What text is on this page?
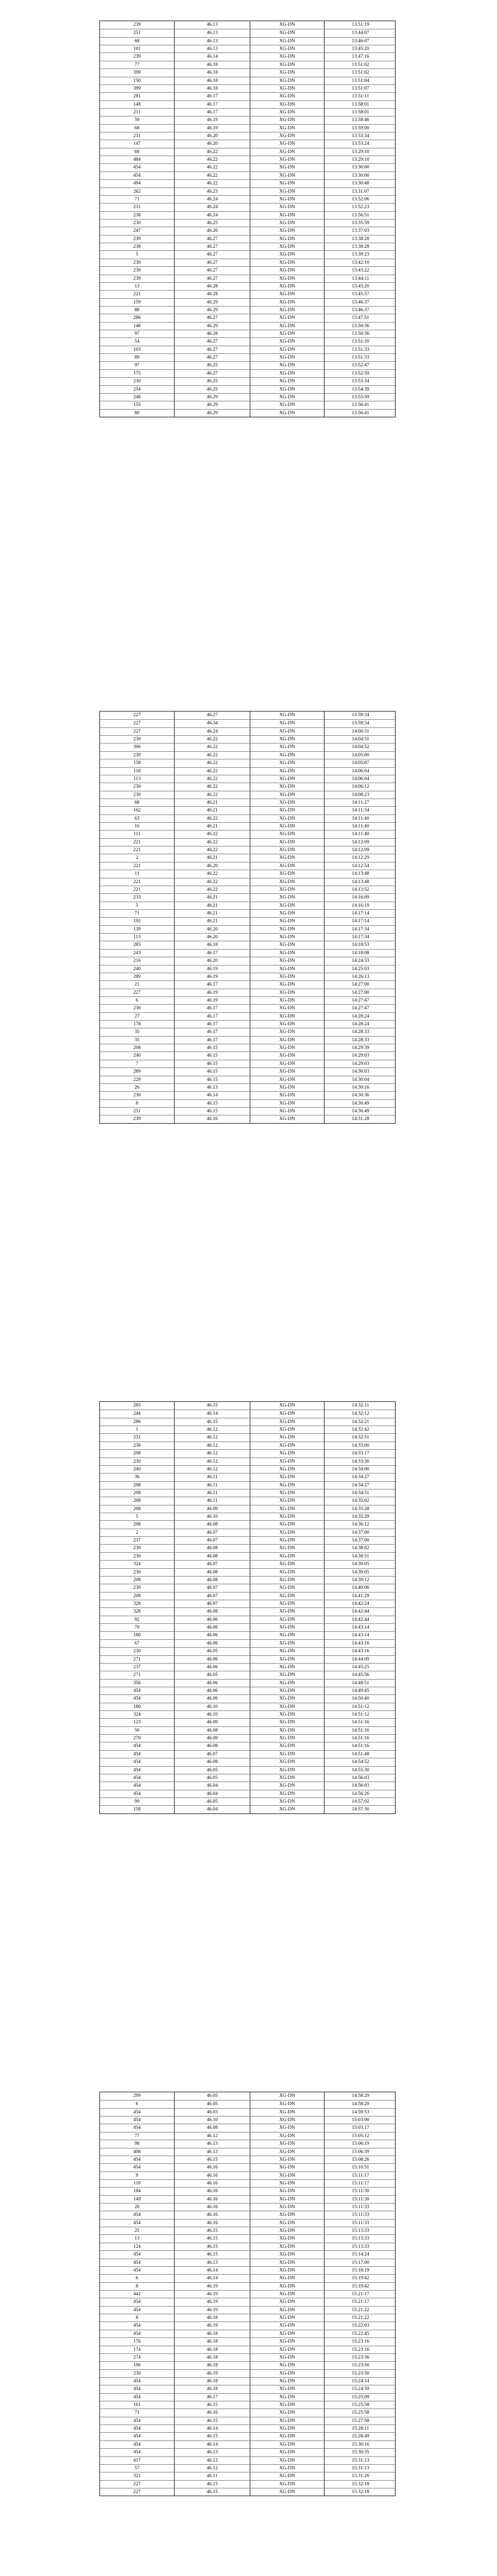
239	46.13	XG-DN	13:51:19
251	46.13	XG-DN	13:44:07
68	46.13	XG-DN	13:46:07
101	46.13	XG-DN	13:45:20
239	46.14	XG-DN	13:47:16
77	46.18	XG-DN	13:51:02
399	46.18	XG-DN	13:51:02
150	46.18	XG-DN	13:51:04
399	46.18	XG-DN	13:51:07
281	46.17	XG-DN	13:51:11
148	46.17	XG-DN	13:58:01
211	46.17	XG-DN	13:58:01
59	46.19	XG-DN	13:58:46
68	46.19	XG-DN	13:59:00
231	46.20	XG-DN	13:53:34
147	46.20	XG-DN	13:53:24
68	46.22	XG-DN	13:29:10
484	46.22	XG-DN	13:29:10
454	46.22	XG-DN	13:30:00
454	46.22	XG-DN	13:30:00
494	46.22	XG-DN	13:30:48
262	46.23	XG-DN	13:31:07
71	46.24	XG-DN	13:52:06
231	46.24	XG-DN	13:52:23
238	46.24	XG-DN	13:56:51
230	46.25	XG-DN	13:35:59
247	46.26	XG-DN	13:37:03
239	46.27	XG-DN	13:38:28
238	46.27	XG-DN	13:38:28
5	46.27	XG-DN	13:39:23
230	46.27	XG-DN	13:42:10
230	46.27	XG-DN	13:43:22
239	46.27	XG-DN	13:44:11
13	46.28	XG-DN	13:45:20
221	46.28	XG-DN	13:45:57
159	46.29	XG-DN	13:46:37
88	46.29	XG-DN	13:46:37
286	46.27	XG-DN	13:47:51
148	46.29	XG-DN	13:50:36
97	46.28	XG-DN	13:50:36
54	46.27	XG-DN	13:51:20
103	46.27	XG-DN	13:51:33
89	46.27	XG-DN	13:51:33
97	46.25	XG-DN	13:52:47
175	46.27	XG-DN	13:52:59
230	46.25	XG-DN	13:53:34
254	46.25	XG-DN	13:54:39
248	46.29	XG-DN	13:55:59
155	46.29	XG-DN	13:56:41
80	46.29	XG-DN	13:56:41
227	46.27	XG-DN	13:59:34
227	46.34	XG-DN	13:59:34
227	46.24	XG-DN	14:00:31
239	46.22	XG-DN	14:04:51
306	46.22	XG-DN	14:04:52
239	46.22	XG-DN	14:05:00
158	46.22	XG-DN	14:05:07
118	46.22	XG-DN	14:06:04
113	46.22	XG-DN	14:06:04
230	46.22	XG-DN	14:06:12
230	46.22	XG-DN	14:08:23
68	46.21	XG-DN	14:11:27
162	46.21	XG-DN	14:11:34
63	46.22	XG-DN	14:11:40
16	46.21	XG-DN	14:11:40
111	46.22	XG-DN	14:11:40
221	46.22	XG-DN	14:12:09
221	46.22	XG-DN	14:12:09
2	46.21	XG-DN	14:12:29
221	46.20	XG-DN	14:12:54
11	46.22	XG-DN	14:13:48
221	46.22	XG-DN	14:13:48
221	46.22	XG-DN	14:13:52
233	46.21	XG-DN	14:16:09
5	46.21	XG-DN	14:16:19
71	46.21	XG-DN	14:17:14
192	46.21	XG-DN	14:17:14
139	46.20	XG-DN	14:17:34
113	46.20	XG-DN	14:17:34
285	46.18	XG-DN	14:18:53
243	46.17	XG-DN	14:18:08
216	46.20	XG-DN	14:24:33
240	46.19	XG-DN	14:25:03
289	46.19	XG-DN	14:26:13
21	46.17	XG-DN	14:27:00
227	46.19	XG-DN	14:27:00
6	46.19	XG-DN	14:27:47
236	46.17	XG-DN	14:27:47
27	46.17	XG-DN	14:28:24
178	46.17	XG-DN	14:28:24
35	46.17	XG-DN	14:28:33
35	46.17	XG-DN	14:28:33
208	46.15	XG-DN	14:29:39
240	46.15	XG-DN	14:29:03
7	46.15	XG-DN	14:29:03
289	46.15	XG-DN	14:30:03
229	46.15	XG-DN	14:30:04
26	46.13	XG-DN	14:30:16
230	46.14	XG-DN	14:30:36
8	46.15	XG-DN	14:30:49
251	46.15	XG-DN	14:30:49
239	46.16	XG-DN	14:31:28
285	46.15	XG-DN	14:32:11
244	46.14	XG-DN	14:32:12
286	46.15	XG-DN	14:32:21
1	46.12	XG-DN	14:32:42
231	46.12	XG-DN	14:32:51
236	46.12	XG-DN	14:33:00
208	46.12	XG-DN	14:33:17
230	46.12	XG-DN	14:33:30
240	46.12	XG-DN	14:34:00
36	46.11	XG-DN	14:34:27
208	46.11	XG-DN	14:34:27
208	46.11	XG-DN	14:34:51
208	46.11	XG-DN	14:35:02
208	46.09	XG-DN	14:35:28
5	46.10	XG-DN	14:35:29
208	46.08	XG-DN	14:36:12
2	46.07	XG-DN	14:37:00
237	46.07	XG-DN	14:37:00
230	46.08	XG-DN	14:38:02
230	46.08	XG-DN	14:38:51
324	46.07	XG-DN	14:39:05
230	46.08	XG-DN	14:39:05
208	46.08	XG-DN	14:39:12
230	46.07	XG-DN	14:40:06
208	46.07	XG-DN	14:41:29
328	46.07	XG-DN	14:42:24
328	46.08	XG-DN	14:42:44
92	46.06	XG-DN	14:42:44
70	46.06	XG-DN	14:43:14
180	46.06	XG-DN	14:43:14
67	46.06	XG-DN	14:43:16
230	46.05	XG-DN	14:43:16
271	46.06	XG-DN	14:44:09
237	46.06	XG-DN	14:45:25
271	46.05	XG-DN	14:45:56
356	46.06	XG-DN	14:48:51
454	46.06	XG-DN	14:49:45
454	46.06	XG-DN	14:50:40
180	46.10	XG-DN	14:51:12
324	46.10	XG-DN	14:51:12
123	46.09	XG-DN	14:51:16
50	46.08	XG-DN	14:51:16
270	46.09	XG-DN	14:51:16
454	46.08	XG-DN	14:51:16
454	46.07	XG-DN	14:51:48
454	46.08	XG-DN	14:54:52
454	46.05	XG-DN	14:55:30
454	46.05	XG-DN	14:56:03
454	46.04	XG-DN	14:56:03
454	46.04	XG-DN	14:56:26
99	46.05	XG-DN	14:57:02
158	46.04	XG-DN	14:57:30
299	46.05	XG-DN	14:58:29
6	46.05	XG-DN	14:58:29
454	46.03	XG-DN	14:59:53
454	46.10	XG-DN	15:03:00
454	46.08	XG-DN	15:03:17
77	46.12	XG-DN	15:05:12
98	46.13	XG-DN	15:06:19
408	46.13	XG-DN	15:06:39
454	46.15	XG-DN	15:08:26
454	46.16	XG-DN	15:10:51
9	46.16	XG-DN	15:11:17
110	46.16	XG-DN	15:11:17
184	46.16	XG-DN	15:11:30
149	46.16	XG-DN	15:11:30
20	46.16	XG-DN	15:11:33
454	46.16	XG-DN	15:11:33
454	46.16	XG-DN	15:11:33
25	46.15	XG-DN	15:13:33
13	46.15	XG-DN	15:13:33
124	46.15	XG-DN	15:13:33
454	46.15	XG-DN	15:14:24
454	46.13	XG-DN	15:17:00
454	46.14	XG-DN	15:18:19
6	46.14	XG-DN	15:19:42
8	46.19	XG-DN	15:19:42
442	46.19	XG-DN	15:21:17
454	46.19	XG-DN	15:21:17
454	46.19	XG-DN	15:21:22
8	46.18	XG-DN	15:21:22
454	46.19	XG-DN	15:22:03
454	46.18	XG-DN	15:22:45
176	46.18	XG-DN	15:23:16
174	46.18	XG-DN	15:23:16
274	46.18	XG-DN	15:23:36
196	46.18	XG-DN	15:23:50
230	46.19	XG-DN	15:23:50
454	46.18	XG-DN	15:24:14
454	46.18	XG-DN	15:24:59
454	46.17	XG-DN	15:25:09
161	46.15	XG-DN	15:25:58
71	46.16	XG-DN	15:25:58
454	46.15	XG-DN	15:27:58
454	46.14	XG-DN	15:28:11
454	46.15	XG-DN	15:28:49
454	46.14	XG-DN	15:30:16
454	46.13	XG-DN	15:30:35
417	46.12	XG-DN	15:31:13
57	46.12	XG-DN	15:31:13
321	46.11	XG-DN	15:31:26
227	46.15	XG-DN	15:32:18
227	46.15	XG-DN	15:32:18
